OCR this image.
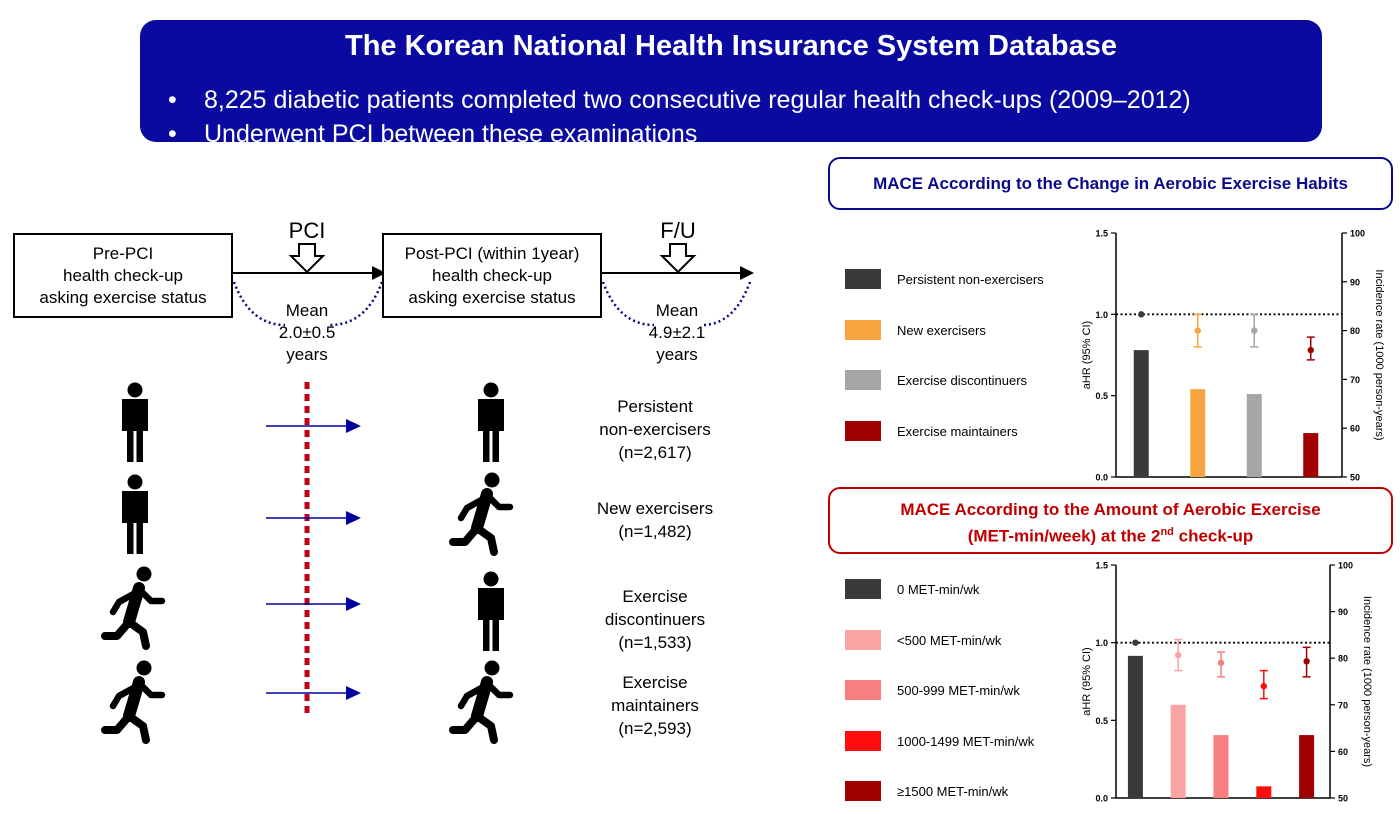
The Korean National Health Insurance System Database
• 8,225 diabetic patients completed two consecutive regular health check-ups (2009–2012)
• Underwent PCI between these examinations
Pre-PCI
health check-up
asking exercise status
Post-PCI (within 1year)
health check-up
asking exercise status
PCI	F/U
Mean
2.0±0.5
years
Mean
4.9±2.1
years
Persistent
non-exercisers
(n=2,617)
New exercisers
(n=1,482)
Exercise
discontinuers
(n=1,533)
Exercise
maintainers
(n=2,593)
MACE According to the Change in Aerobic Exercise Habits
Persistent non-exercisers
New exercisers
Exercise discontinuers
Exercise maintainers
0.0
0.5
1.0
1.5
50
60
70
80
90
100
aHR (95% CI)	Incidence rate (1000 person-years)
MACE According to the Amount of Aerobic Exercise
(MET-min/week) at the 2nd check-up
0 MET-min/wk
<500 MET-min/wk
500-999 MET-min/wk
1000-1499 MET-min/wk
≥1500 MET-min/wk	0.0
0.5
1.0
1.5
50
60
70
80
90
100
aHR (95% CI)	Incidence rate (1000 person-years)
